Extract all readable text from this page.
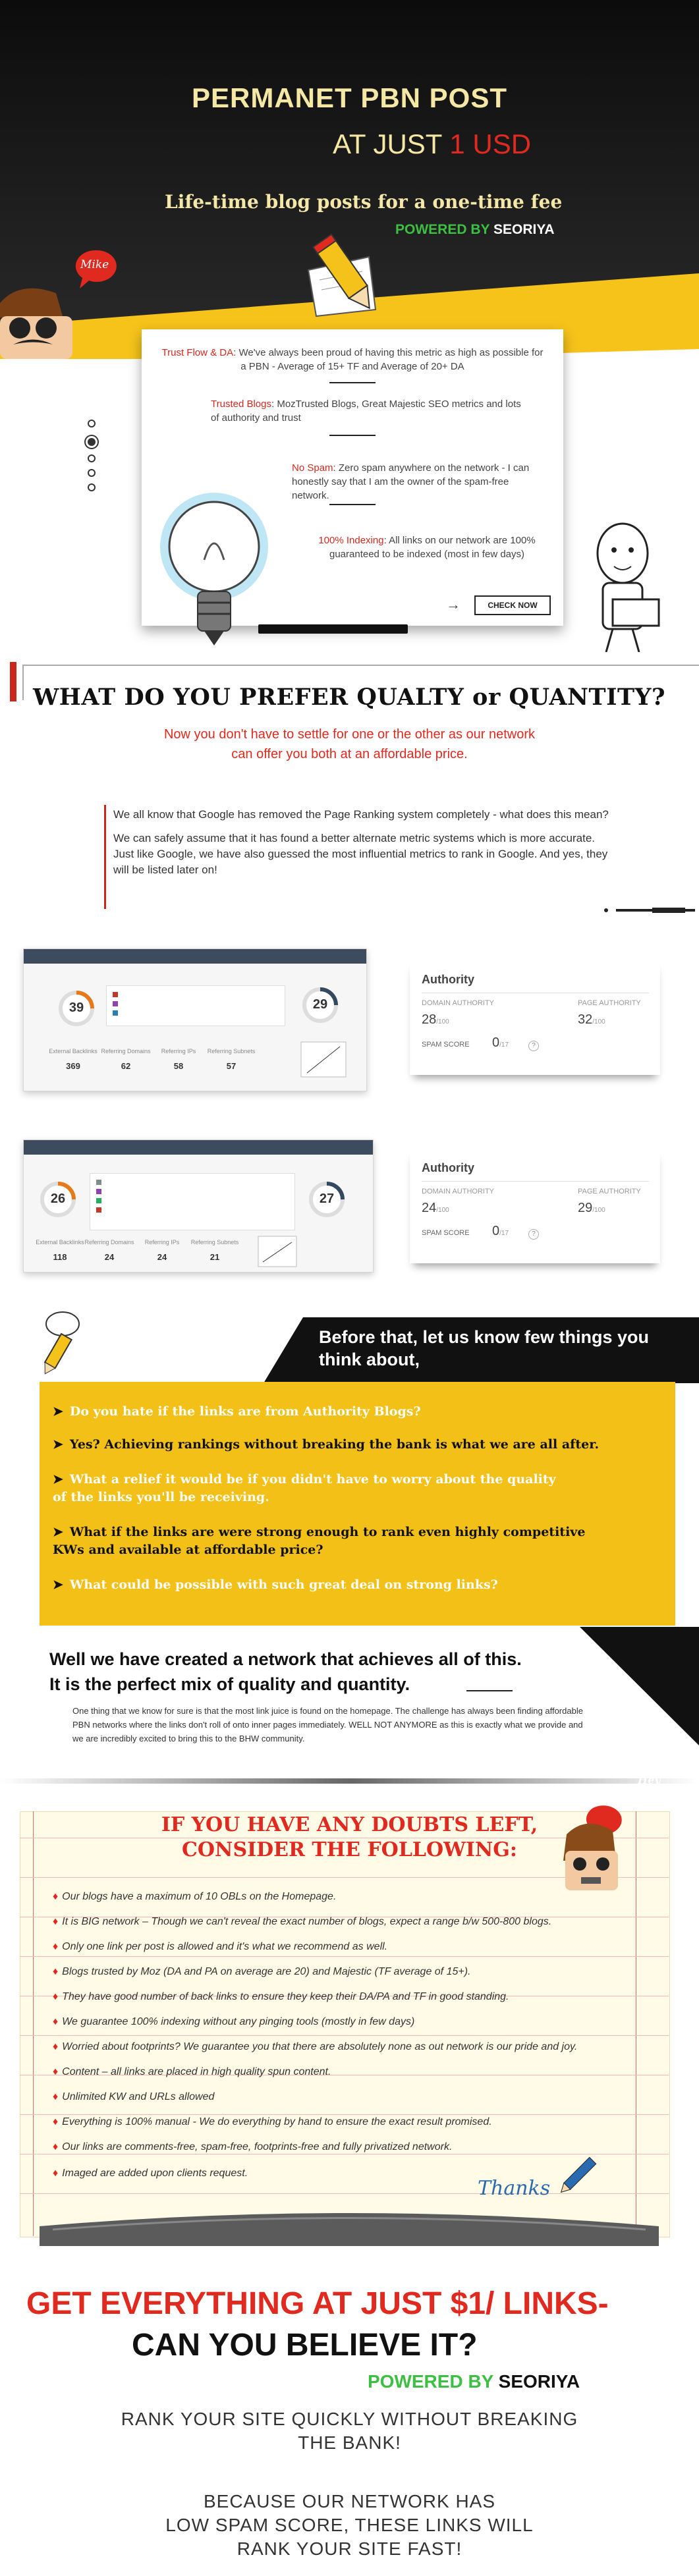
PERMANET PBN POST
AT JUST 1 USD
Life-time blog posts for a one-time fee
POWERED BY SEORIYA
Mike
Trust Flow & DA: We've always been proud of having this metric as high as possible for a PBN - Average of 15+ TF and Average of 20+ DA
Trusted Blogs: MozTrusted Blogs, Great Majestic SEO metrics and lots of authority and trust
No Spam: Zero spam anywhere on the network - I can honestly say that I am the owner of the spam-free network.
100% Indexing: All links on our network are 100% guaranteed to be indexed (most in few days)
→	CHECK NOW
WHAT DO YOU PREFER QUALTY or QUANTITY?
Now you don't have to settle for one or the other as our network
can offer you both at an affordable price.

We all know that Google has removed the Page Ranking system completely - what does this mean?

We can safely assume that it has found a better alternate metric systems which is more accurate. Just like Google, we have also guessed the most influential metrics to rank in Google. And yes, they will be listed later on!

39	29
External Backlinks
369
Referring Domains
62
Referring IPs
58
Referring Subnets
57
Authority
DOMAIN AUTHORITY
28/100
PAGE AUTHORITY
32/100
SPAM SCORE 0/17	?
26	27
External Backlinks
118
Referring Domains
24
Referring IPs
24
Referring Subnets
21
Authority
DOMAIN AUTHORITY
24/100
PAGE AUTHORITY
29/100
SPAM SCORE 0/17	?
Before that, let us know few things you
think about,
➤ Do you hate if the links are from Authority Blogs?
➤ Yes? Achieving rankings without breaking the bank is what we are all after.
➤ What a relief it would be if you didn't have to worry about the quality of the links you'll be receiving.
➤ What if the links are were strong enough to rank even highly competitive KWs and available at affordable price?
➤ What could be possible with such great deal on strong links?
Well we have created a network that achieves all of this.
It is the perfect mix of quality and quantity.
One thing that we know for sure is that the most link juice is found on the homepage. The challenge has always been finding affordable PBN networks where the links don't roll of onto inner pages immediately. WELL NOT ANYMORE as this is exactly what we provide and we are incredibly excited to bring this to the BHW community.
IF YOU HAVE ANY DOUBTS LEFT,
CONSIDER THE FOLLOWING:
Hey
♦ Our blogs have a maximum of 10 OBLs on the Homepage.
♦ It is BIG network – Though we can't reveal the exact number of blogs, expect a range b/w 500-800 blogs.
♦ Only one link per post is allowed and it's what we recommend as well.
♦ Blogs trusted by Moz (DA and PA on average are 20) and Majestic (TF average of 15+).
♦ They have good number of back links to ensure they keep their DA/PA and TF in good standing.
♦ We guarantee 100% indexing without any pinging tools (mostly in few days)
♦ Worried about footprints? We guarantee you that there are absolutely none as out network is our pride and joy.
♦ Content – all links are placed in high quality spun content.
♦ Unlimited KW and URLs allowed
♦ Everything is 100% manual - We do everything by hand to ensure the exact result promised.
♦ Our links are comments-free, spam-free, footprints-free and fully privatized network.
♦ Imaged are added upon clients request.
Thanks
GET EVERYTHING AT JUST $1/ LINKS-
CAN YOU BELIEVE IT?
POWERED BY SEORIYA
RANK YOUR SITE QUICKLY WITHOUT BREAKING
THE BANK!
BECAUSE OUR NETWORK HAS
LOW SPAM SCORE, THESE LINKS WILL
RANK YOUR SITE FAST!
